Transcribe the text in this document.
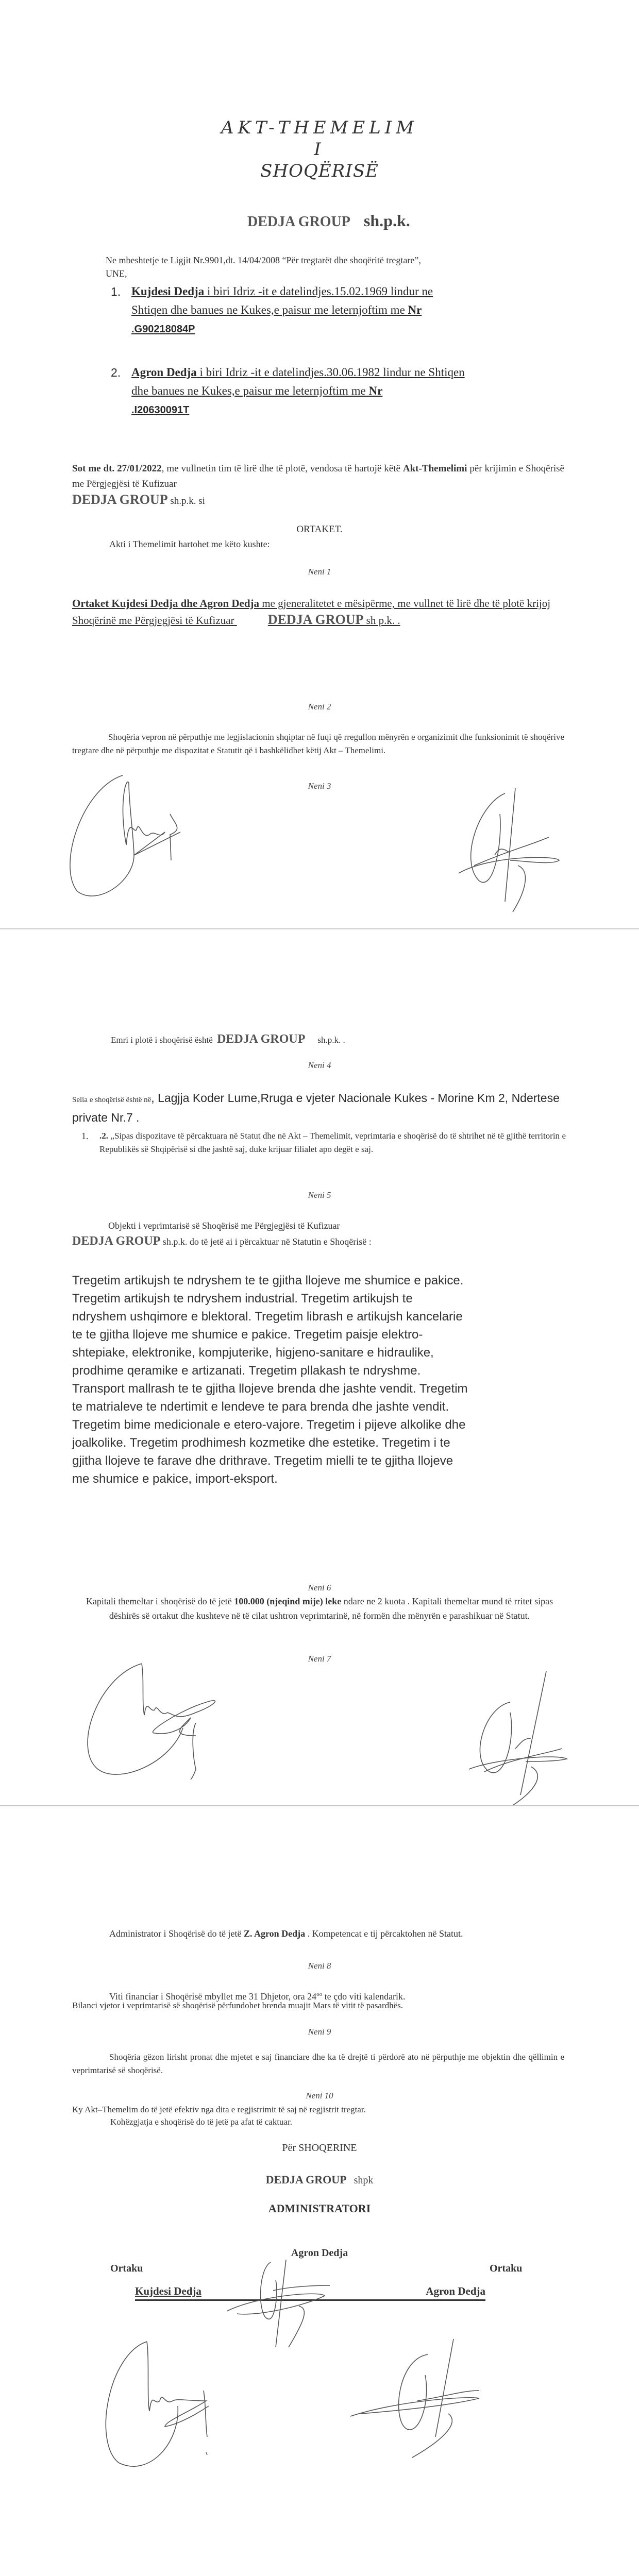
AKT-THEMELIM
I
SHOQËRISË
DEDJA GROUP sh.p.k.
Ne mbeshtetje te Ligjit Nr.9901,dt. 14/04/2008 “Për tregtarët dhe shoqëritë tregtare”,
UNE,
1. Kujdesi Dedja i biri Idriz -it e datelindjes.15.02.1969 lindur ne Shtiqen dhe banues ne Kukes,e paisur me leternjoftim me Nr
.G90218084P
2. Agron Dedja i biri Idriz -it e datelindjes.30.06.1982 lindur ne Shtiqen dhe banues ne Kukes,e paisur me leternjoftim me Nr
.I20630091T
Sot me dt. 27/01/2022, me vullnetin tim të lirë dhe të plotë, vendosa të hartojë këtë Akt-Themelimi për krijimin e Shoqërisë me Përgjegjësi të Kufizuar
DEDJA GROUP sh.p.k. si
ORTAKET.
Akti i Themelimit hartohet me këto kushte:
Neni 1
Ortaket Kujdesi Dedja dhe Agron Dedja me gjeneralitetet e mësipërme, me vullnet të lirë dhe të plotë krijoj Shoqërinë me Përgjegjësi të Kufizuar DEDJA GROUP sh p.k. .
Neni 2
Shoqëria vepron në përputhje me legjislacionin shqiptar në fuqi që rregullon mënyrën e organizimit dhe funksionimit të shoqërive tregtare dhe në përputhje me dispozitat e Statutit që i bashkëlidhet këtij Akt – Themelimi.
Neni 3
Emri i plotë i shoqërisë është DEDJA GROUP sh.p.k. .
Neni 4
Selia e shoqërisë është në, Lagjja Koder Lume,Rruga e vjeter Nacionale Kukes - Morine Km 2, Ndertese private Nr.7 .
1. .2. „Sipas dispozitave të përcaktuara në Statut dhe në Akt – Themelimit, veprimtaria e shoqërisë do të shtrihet në të gjithë territorin e Republikës së Shqipërisë si dhe jashtë saj, duke krijuar filialet apo degët e saj.
Neni 5
Objekti i veprimtarisë së Shoqërisë me Përgjegjësi të Kufizuar
DEDJA GROUP sh.p.k. do të jetë ai i përcaktuar në Statutin e Shoqërisë :
Tregetim artikujsh te ndryshem te te gjitha llojeve me shumice e pakice. Tregetim artikujsh te ndryshem industrial. Tregetim artikujsh te ndryshem ushqimore e blektoral. Tregetim librash e artikujsh kancelarie te te gjitha llojeve me shumice e pakice. Tregetim paisje elektro-shtepiake, elektronike, kompjuterike, higjeno-sanitare e hidraulike, prodhime qeramike e artizanati. Tregetim pllakash te ndryshme. Transport mallrash te te gjitha llojeve brenda dhe jashte vendit. Tregetim te matrialeve te ndertimit e lendeve te para brenda dhe jashte vendit. Tregetim bime medicionale e etero-vajore. Tregetim i pijeve alkolike dhe joalkolike. Tregetim prodhimesh kozmetike dhe estetike. Tregetim i te gjitha llojeve te farave dhe drithrave. Tregetim mielli te te gjitha llojeve me shumice e pakice, import-eksport.
Neni 6
Kapitali themeltar i shoqërisë do të jetë 100.000 (njeqind mije) leke ndare ne 2 kuota . Kapitali themeltar mund të rritet sipas dëshirës së ortakut dhe kushteve në të cilat ushtron veprimtarinë, në formën dhe mënyrën e parashikuar në Statut.
Neni 7
Administrator i Shoqërisë do të jetë Z. Agron Dedja . Kompetencat e tij përcaktohen në Statut.
Neni 8
Viti financiar i Shoqërisë mbyllet me 31 Dhjetor, ora $24^{oo}$ te çdo viti kalendarik.
Bilanci vjetor i veprimtarisë së shoqërisë përfundohet brenda muajit Mars të vitit të pasardhës.
Neni 9
Shoqëria gëzon lirisht pronat dhe mjetet e saj financiare dhe ka të drejtë ti përdorë ato në përputhje me objektin dhe qëllimin e veprimtarisë së shoqërisë.
Neni 10
Ky Akt–Themelim do të jetë efektiv nga dita e regjistrimit të saj në regjistrit tregtar.
Kohëzgjatja e shoqërisë do të jetë pa afat të caktuar.
Për SHOQERINE
DEDJA GROUP shpk
ADMINISTRATORI
Agron Dedja
Ortaku	Ortaku
Kujdesi Dedja	Agron Dedja
